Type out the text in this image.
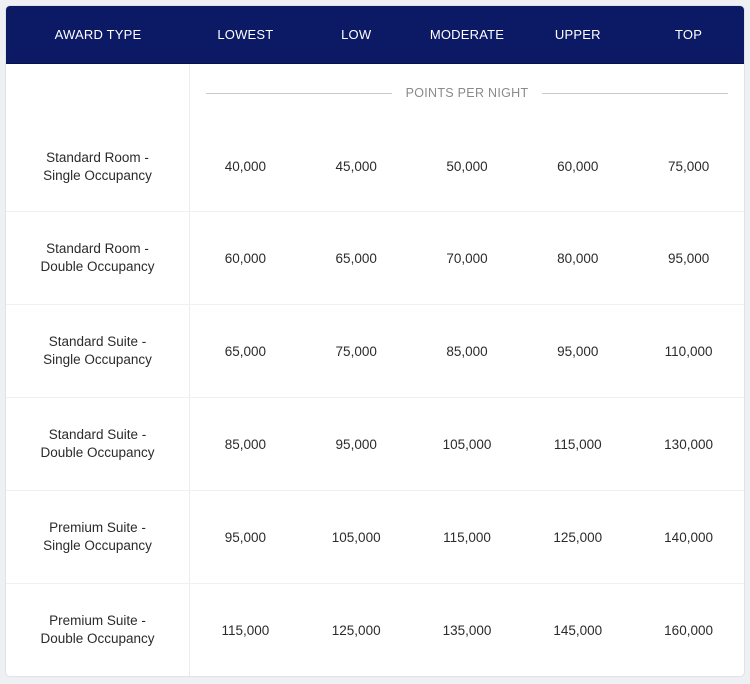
AWARD TYPE	LOWEST	LOW	MODERATE	UPPER	TOP
POINTS PER NIGHT
Standard Room -
Single Occupancy
40,000	45,000	50,000	60,000	75,000
Standard Room -
Double Occupancy
60,000	65,000	70,000	80,000	95,000
Standard Suite -
Single Occupancy
65,000	75,000	85,000	95,000	110,000
Standard Suite -
Double Occupancy
85,000	95,000	105,000	115,000	130,000
Premium Suite -
Single Occupancy
95,000	105,000	115,000	125,000	140,000
Premium Suite -
Double Occupancy
115,000	125,000	135,000	145,000	160,000
